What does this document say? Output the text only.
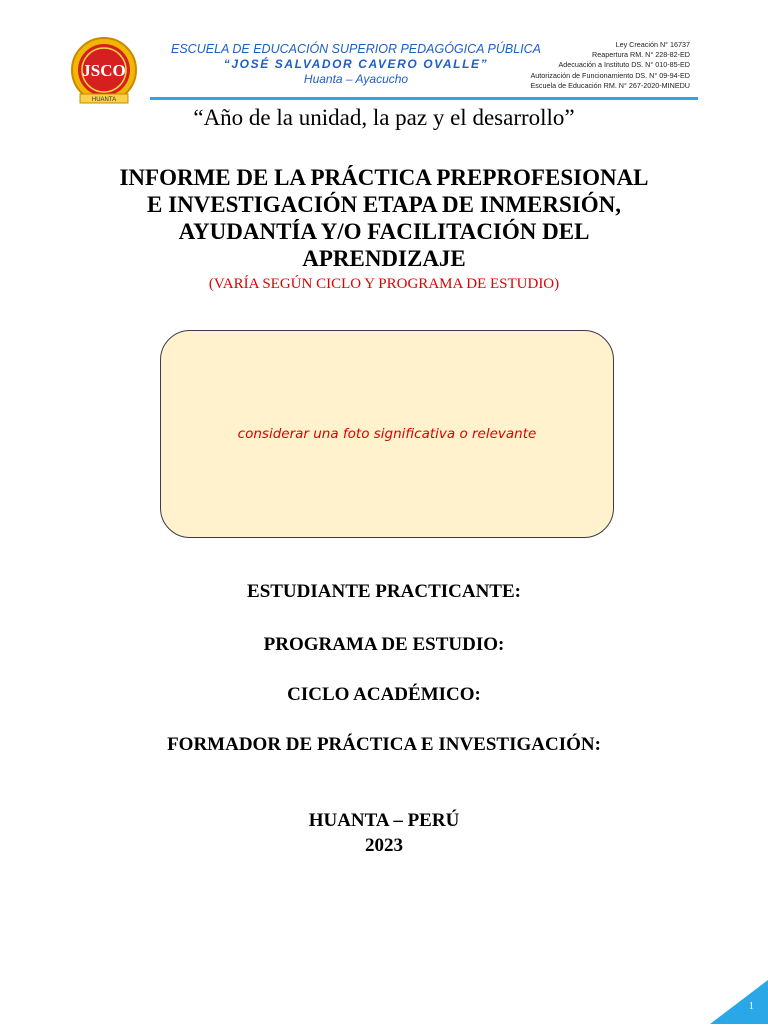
JSCO
HUANTA
ESCUELA DE EDUCACIÓN SUPERIOR PEDAGÓGICA PÚBLICA
“JOSÉ SALVADOR CAVERO OVALLE”
Huanta – Ayacucho
Ley Creación N° 16737
Reapertura RM. N° 228-82-ED
Adecuación a Instituto DS. N° 010-85-ED
Autorización de Funcionamiento DS. N° 09-94-ED
Escuela de Educación RM. N° 267-2020-MINEDU
“Año de la unidad, la paz y el desarrollo”
INFORME DE LA PRÁCTICA PREPROFESIONAL
E INVESTIGACIÓN ETAPA DE INMERSIÓN,
AYUDANTÍA Y/O FACILITACIÓN DEL
APRENDIZAJE
(VARÍA SEGÚN CICLO Y PROGRAMA DE ESTUDIO)
considerar una foto significativa o relevante
ESTUDIANTE PRACTICANTE:
PROGRAMA DE ESTUDIO:
CICLO ACADÉMICO:
FORMADOR DE PRÁCTICA E INVESTIGACIÓN:
HUANTA – PERÚ
2023
1
